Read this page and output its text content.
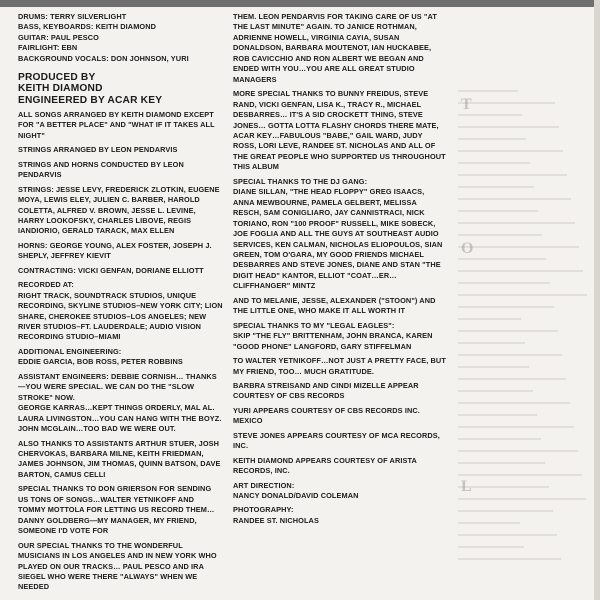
DRUMS: TERRY SILVERLIGHT
BASS, KEYBOARDS: KEITH DIAMOND
GUITAR: PAUL PESCO
FAIRLIGHT: EBN
BACKGROUND VOCALS: DON JOHNSON, YURI

PRODUCED BY
KEITH DIAMOND
ENGINEERED BY ACAR KEY

ALL SONGS ARRANGED BY KEITH DIAMOND EXCEPT FOR "A BETTER PLACE" AND "WHAT IF IT TAKES ALL NIGHT"

STRINGS ARRANGED BY LEON PENDARVIS

STRINGS AND HORNS CONDUCTED BY LEON PENDARVIS

STRINGS: JESSE LEVY, FREDERICK ZLOTKIN, EUGENE MOYA, LEWIS ELEY, JULIEN C. BARBER, HAROLD COLETTA, ALFRED V. BROWN, JESSE L. LEVINE, HARRY LOOKOFSKY, CHARLES LIBOVE, REGIS IANDIORIO, GERALD TARACK, MAX ELLEN

HORNS: GEORGE YOUNG, ALEX FOSTER, JOSEPH J. SHEPLY, JEFFREY KIEVIT

CONTRACTING: VICKI GENFAN, DORIANE ELLIOTT

RECORDED AT:
RIGHT TRACK, SOUNDTRACK STUDIOS, UNIQUE RECORDING, SKYLINE STUDIOS–NEW YORK CITY; LION SHARE, CHEROKEE STUDIOS–LOS ANGELES; NEW RIVER STUDIOS–FT. LAUDERDALE; AUDIO VISION RECORDING STUDIO–MIAMI

ADDITIONAL ENGINEERING:
EDDIE GARCIA, BOB ROSS, PETER ROBBINS

ASSISTANT ENGINEERS: DEBBIE CORNISH… THANKS—YOU WERE SPECIAL. WE CAN DO THE "SLOW STROKE" NOW.
GEORGE KARRAS…KEPT THINGS ORDERLY, MAL AL.
LAURA LIVINGSTON…YOU CAN HANG WITH THE BOYZ.
JOHN MCGLAIN…TOO BAD WE WERE OUT.

ALSO THANKS TO ASSISTANTS ARTHUR STUER, JOSH CHERVOKAS, BARBARA MILNE, KEITH FRIEDMAN, JAMES JOHNSON, JIM THOMAS, QUINN BATSON, DAVE BARTON, CAMUS CELLI

SPECIAL THANKS TO DON GRIERSON FOR SENDING US TONS OF SONGS…WALTER YETNIKOFF AND TOMMY MOTTOLA FOR LETTING US RECORD THEM…DANNY GOLDBERG—MY MANAGER, MY FRIEND, SOMEONE I'D VOTE FOR

OUR SPECIAL THANKS TO THE WONDERFUL MUSICIANS IN LOS ANGELES AND IN NEW YORK WHO PLAYED ON OUR TRACKS… PAUL PESCO AND IRA SIEGEL WHO WERE THERE "ALWAYS" WHEN WE NEEDED

THEM. LEON PENDARVIS FOR TAKING CARE OF US "AT THE LAST MINUTE" AGAIN. TO JANICE ROTHMAN, ADRIENNE HOWELL, VIRGINIA CAYIA, SUSAN DONALDSON, BARBARA MOUTENOT, IAN HUCKABEE, ROB CAVICCHIO AND RON ALBERT WE BEGAN AND ENDED WITH YOU…YOU ARE ALL GREAT STUDIO MANAGERS

MORE SPECIAL THANKS TO BUNNY FREIDUS, STEVE RAND, VICKI GENFAN, LISA K., TRACY R., MICHAEL DESBARRES… IT'S A SID CROCKETT THING, STEVE JONES… GOTTA LOTTA FLASHY CHORDS THERE MATE, ACAR KEY…FABULOUS "BABE," GAIL WARD, JUDY ROSS, LORI LEVE, RANDEE ST. NICHOLAS AND ALL OF THE GREAT PEOPLE WHO SUPPORTED US THROUGHOUT THIS ALBUM

SPECIAL THANKS TO THE DJ GANG:
DIANE SILLAN, "THE HEAD FLOPPY" GREG ISAACS, ANNA MEWBOURNE, PAMELA GELBERT, MELISSA RESCH, SAM CONIGLIARO, JAY CANNISTRACI, NICK TORIANO, RON "100 PROOF" RUSSELL, MIKE SOBECK, JOE FOGLIA AND ALL THE GUYS AT SOUTHEAST AUDIO SERVICES, KEN CALMAN, NICHOLAS ELIOPOULOS, SIAN GREEN, TOM O'GARA, MY GOOD FRIENDS MICHAEL DESBARRES AND STEVE JONES, DIANE AND STAN "THE DIGIT HEAD" KANTOR, ELLIOT "COAT…ER… CLIFFHANGER" MINTZ

AND TO MELANIE, JESSE, ALEXANDER ("STOON") AND THE LITTLE ONE, WHO MAKE IT ALL WORTH IT

SPECIAL THANKS TO MY "LEGAL EAGLES":
SKIP "THE FLY" BRITTENHAM, JOHN BRANCA, KAREN "GOOD PHONE" LANGFORD, GARY STIFFELMAN

TO WALTER YETNIKOFF…NOT JUST A PRETTY FACE, BUT MY FRIEND, TOO… MUCH GRATITUDE.

BARBRA STREISAND AND CINDI MIZELLE APPEAR COURTESY OF CBS RECORDS

YURI APPEARS COURTESY OF CBS RECORDS INC. MEXICO

STEVE JONES APPEARS COURTESY OF MCA RECORDS, INC.

KEITH DIAMOND APPEARS COURTESY OF ARISTA RECORDS, INC.

ART DIRECTION:
NANCY DONALD/DAVID COLEMAN

PHOTOGRAPHY:
RANDEE ST. NICHOLAS

T
O
L
